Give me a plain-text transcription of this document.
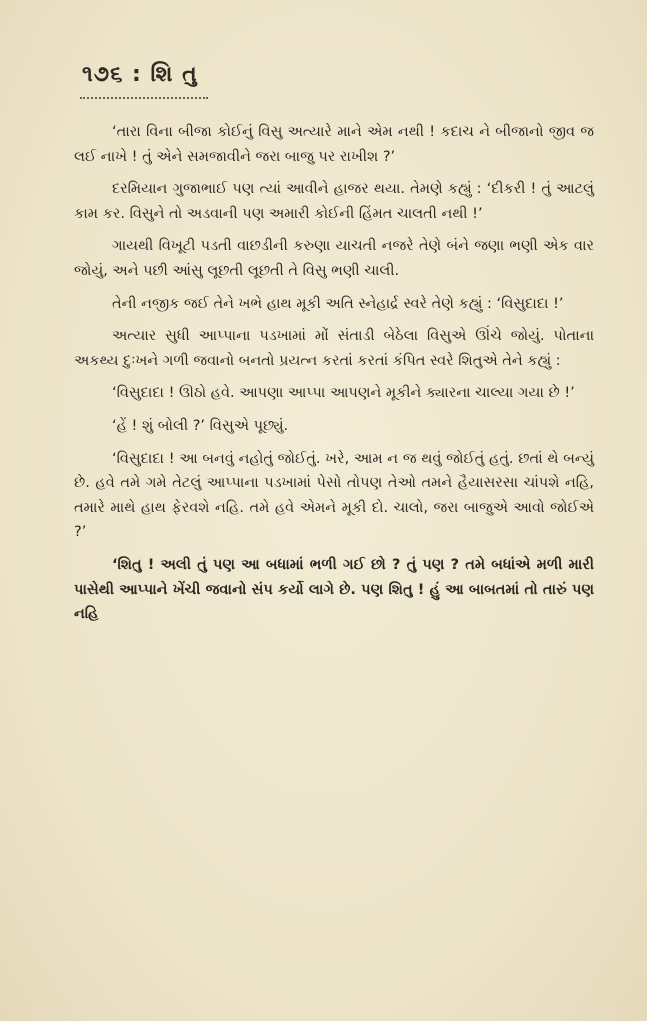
૧૭૬ : શિ તુ

‘તારા વિના બીજા કોઈનું વિસુ અત્યારે માને એમ નથી ! કદાચ ને બીજાનો જીવ જ લઈ નાખે ! તું એને સમજાવીને જરા બાજુ પર રાખીશ ?’

દરમિયાન ગુજાભાઈ પણ ત્યાં આવીને હાજર થયા. તેમણે કહ્યું : ‘દીકરી ! તું આટલું કામ કર. વિસુને તો અડવાની પણ અમારી કોઈની હિંમત ચાલતી નથી !’

ગાયથી વિખૂટી પડતી વાછડીની કરુણા યાચતી નજરે તેણે બંને જણા ભણી એક વાર જોયું, અને પછી આંસુ લૂછતી લૂછતી તે વિસુ ભણી ચાલી.

તેની નજીક જઈ તેને ખભે હાથ મૂકી અતિ સ્નેહાર્દ્ર સ્વરે તેણે કહ્યું : ‘વિસુદાદા !’

અત્યાર સુધી આપ્પાના પડખામાં મોં સંતાડી બેઠેલા વિસુએ ઊંચે જોયું. પોતાના અકથ્ય દુઃખને ગળી જવાનો બનતો પ્રયત્ન કરતાં કરતાં કંપિત સ્વરે શિતુએ તેને કહ્યું :

‘વિસુદાદા ! ઊઠો હવે. આપણા આપ્પા આપણને મૂકીને ક્યારના ચાલ્યા ગયા છે !’

‘હેં ! શું બોલી ?’ વિસુએ પૂછ્યું.

‘વિસુદાદા ! આ બનવું નહોતું જોઈતું. ખરે, આમ ન જ થવું જોઈતું હતું. છતાં થે બન્યું છે. હવે તમે ગમે તેટલું આપ્પાના પડખામાં પેસો તોપણ તેઓ તમને હૈયાસરસા ચાંપશે નહિ, તમારે માથે હાથ ફેરવશે નહિ. તમે હવે એમને મૂકી દો. ચાલો, જરા બાજુએ આવો જોઈએ ?’

‘શિતુ ! અલી તું પણ આ બધામાં ભળી ગઈ છો ? તું પણ ? તમે બધાંએ મળી મારી પાસેથી આપ્પાને ખેંચી જવાનો સંપ કર્યો લાગે છે. પણ શિતુ ! હું આ બાબતમાં તો તારું પણ નહિ
